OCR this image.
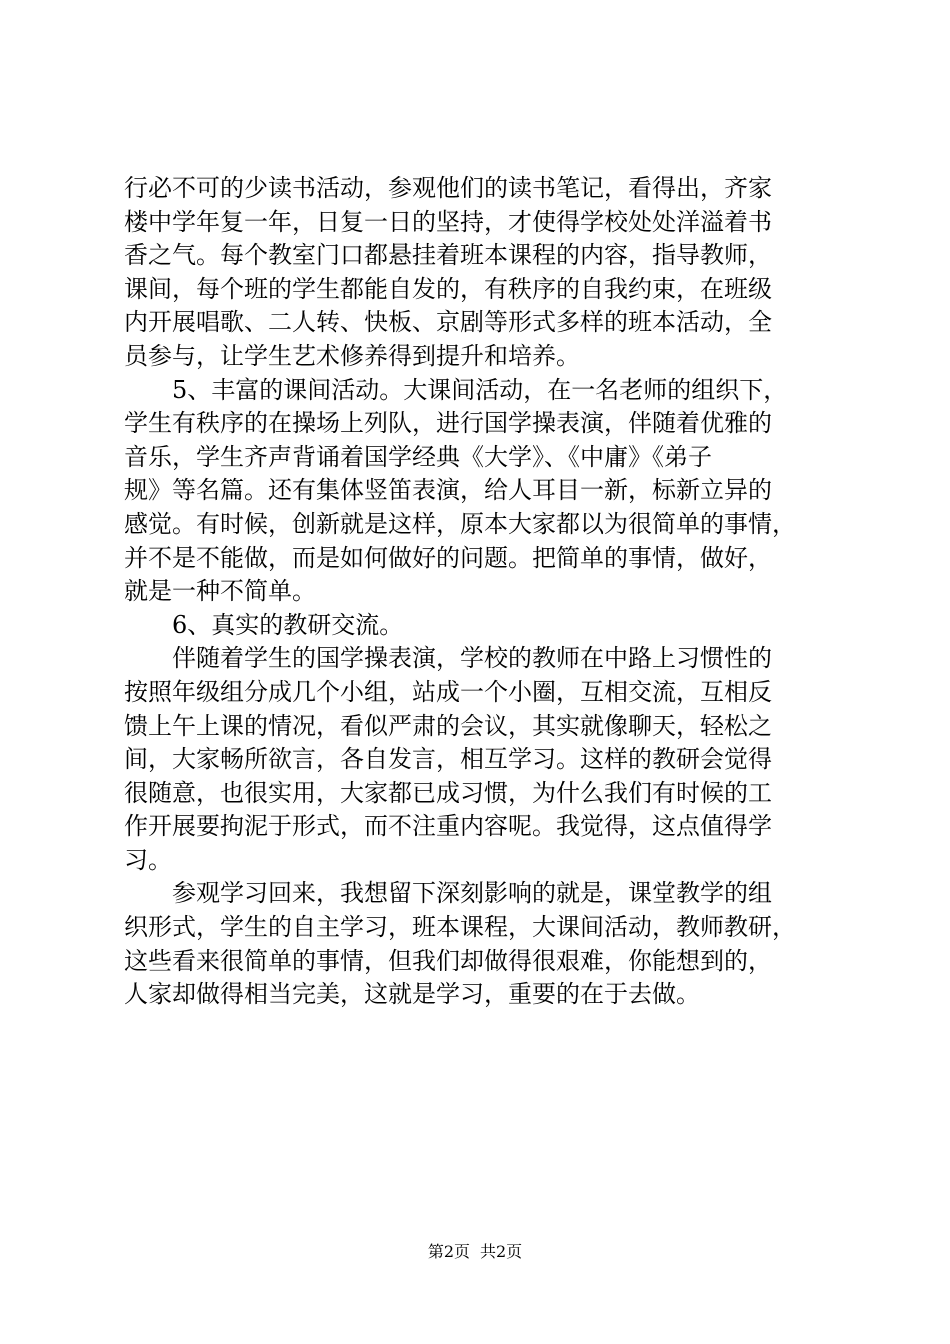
行必不可的少读书活动，参观他们的读书笔记，看得出，齐家
楼中学年复一年，日复一日的坚持，才使得学校处处洋溢着书
香之气。每个教室门口都悬挂着班本课程的内容，指导教师，
课间，每个班的学生都能自发的，有秩序的自我约束，在班级
内开展唱歌、二人转、快板、京剧等形式多样的班本活动，全
员参与，让学生艺术修养得到提升和培养。
　　5、丰富的课间活动。大课间活动，在一名老师的组织下，
学生有秩序的在操场上列队，进行国学操表演，伴随着优雅的
音乐，学生齐声背诵着国学经典《大学》、《中庸》《弟子
规》等名篇。还有集体竖笛表演，给人耳目一新，标新立异的
感觉。有时候，创新就是这样，原本大家都以为很简单的事情，
并不是不能做，而是如何做好的问题。把简单的事情，做好，
就是一种不简单。
　　6、真实的教研交流。
　　伴随着学生的国学操表演，学校的教师在中路上习惯性的
按照年级组分成几个小组，站成一个小圈，互相交流，互相反
馈上午上课的情况，看似严肃的会议，其实就像聊天，轻松之
间，大家畅所欲言，各自发言，相互学习。这样的教研会觉得
很随意，也很实用，大家都已成习惯，为什么我们有时候的工
作开展要拘泥于形式，而不注重内容呢。我觉得，这点值得学
习。
　　参观学习回来，我想留下深刻影响的就是，课堂教学的组
织形式，学生的自主学习，班本课程，大课间活动，教师教研，
这些看来很简单的事情，但我们却做得很艰难，你能想到的，
人家却做得相当完美，这就是学习，重要的在于去做。
第2页 共2页
